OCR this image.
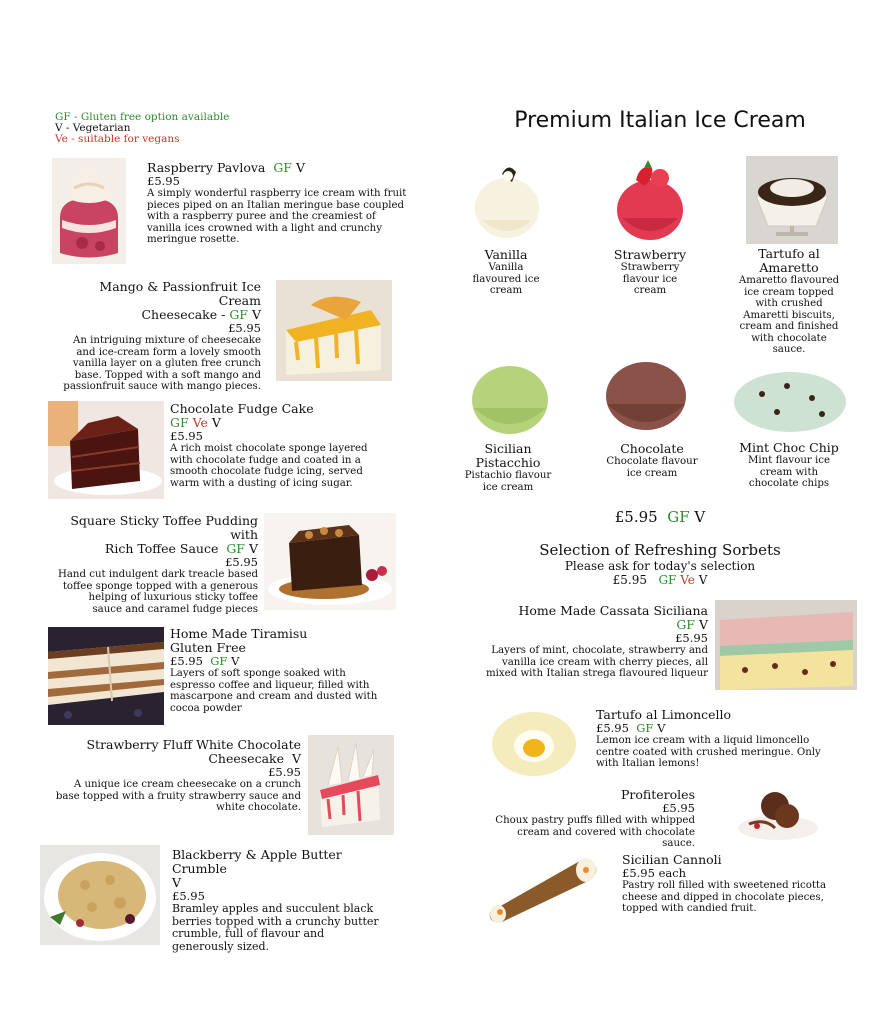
GF - Gluten free option available
V - Vegetarian
Ve - suitable for vegans
Raspberry Pavlova GF V
£5.95
A simply wonderful raspberry ice cream with fruit pieces piped on an Italian meringue base coupled with a raspberry puree and the creamiest of vanilla ices crowned with a light and crunchy meringue rosette.
Mango & Passionfruit Ice Cream
Cheesecake - GF V
£5.95
An intriguing mixture of cheesecake and ice-cream form a lovely smooth vanilla layer on a gluten free crunch base. Topped with a soft mango and passionfruit sauce with mango pieces.
Chocolate Fudge Cake
GF Ve V
£5.95
A rich moist chocolate sponge layered with chocolate fudge and coated in a smooth chocolate fudge icing, served warm with a dusting of icing sugar.
Square Sticky Toffee Pudding with
Rich Toffee Sauce GF V
£5.95
Hand cut indulgent dark treacle based toffee sponge topped with a generous helping of luxurious sticky toffee sauce and caramel fudge pieces
Home Made Tiramisu
Gluten Free
£5.95 GF V
Layers of soft sponge soaked with espresso coffee and liqueur, filled with mascarpone and cream and dusted with cocoa powder
Strawberry Fluff White Chocolate
Cheesecake V
£5.95
A unique ice cream cheesecake on a crunch base topped with a fruity strawberry sauce and white chocolate.
Blackberry & Apple Butter Crumble
V
£5.95
Bramley apples and succulent black berries topped with a crunchy butter crumble, full of flavour and generously sized.
Premium Italian Ice Cream
Vanilla
Vanilla flavoured ice cream
Strawberry
Strawberry flavour ice cream
Tartufo al Amaretto
Amaretto flavoured ice cream topped with crushed Amaretti biscuits, cream and finished with chocolate sauce.
Sicilian Pistacchio
Pistachio flavour ice cream
Chocolate
Chocolate flavour ice cream
Mint Choc Chip
Mint flavour ice cream with chocolate chips
£5.95 GF V
Selection of Refreshing Sorbets
Please ask for today's selection
£5.95 GF Ve V
Home Made Cassata Siciliana
GF V
£5.95
Layers of mint, chocolate, strawberry and vanilla ice cream with cherry pieces, all mixed with Italian strega flavoured liqueur
Tartufo al Limoncello
£5.95 GF V
Lemon ice cream with a liquid limoncello centre coated with crushed meringue. Only with Italian lemons!
Profiteroles
£5.95
Choux pastry puffs filled with whipped cream and covered with chocolate sauce.
Sicilian Cannoli
£5.95 each
Pastry roll filled with sweetened ricotta cheese and dipped in chocolate pieces, topped with candied fruit.
